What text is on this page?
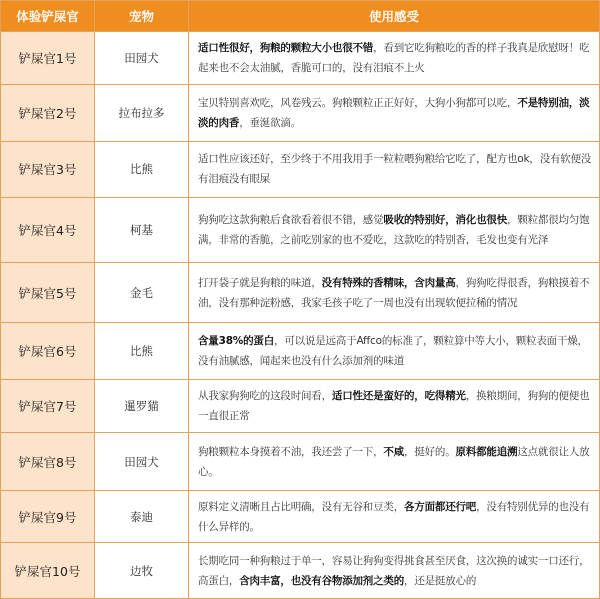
体验铲屎官	宠物	使用感受
铲屎官1号	田园犬	适口性很好，狗粮的颗粒大小也很不错，看到它吃狗粮吃的香的样子我真是欣慰呀！吃起来也不会太油腻，香脆可口的，没有泪痕不上火
铲屎官2号	拉布拉多	宝贝特别喜欢吃，风卷残云。狗粮颗粒正正好好，大狗小狗都可以吃，不是特别油，淡淡的肉香，垂涎欲滴。
铲屎官3号	比熊	适口性应该还好，至少终于不用我用手一粒粒喂狗粮给它吃了，配方也ok，没有软便没有泪痕没有眼屎
铲屎官4号	柯基	狗狗吃这款狗粮后食欲看着很不错，感觉吸收的特别好，消化也很快，颗粒都很均匀饱满，非常的香脆，之前吃别家的也不爱吃，这款吃的特别香，毛发也变有光泽
铲屎官5号	金毛	打开袋子就是狗粮的味道，没有特殊的香精味，含肉量高，狗狗吃得很香，狗粮摸着不油，没有那种淀粉感，我家毛孩子吃了一周也没有出现软便拉稀的情况
铲屎官6号	比熊	含量38%的蛋白，可以说是远高于Affco的标准了，颗粒算中等大小，颗粒表面干燥，没有油腻感，闻起来也没有什么添加剂的味道
铲屎官7号	暹罗猫	从我家狗狗吃的这段时间看，适口性还是蛮好的，吃得精光，换粮期间，狗狗的便便也一直很正常
铲屎官8号	田园犬	狗粮颗粒本身摸着不油，我还尝了一下，不咸，挺好的。原料都能追溯这点就很让人放心。
铲屎官9号	泰迪	原料定义清晰且占比明确，没有无谷和豆类，各方面都还行吧，没有特别优异的也没有什么异样的。
铲屎官10号	边牧	长期吃同一种狗粮过于单一，容易让狗狗变得挑食甚至厌食，这次换的诚实一口还行，高蛋白，含肉丰富，也没有谷物添加剂之类的，还是挺放心的
